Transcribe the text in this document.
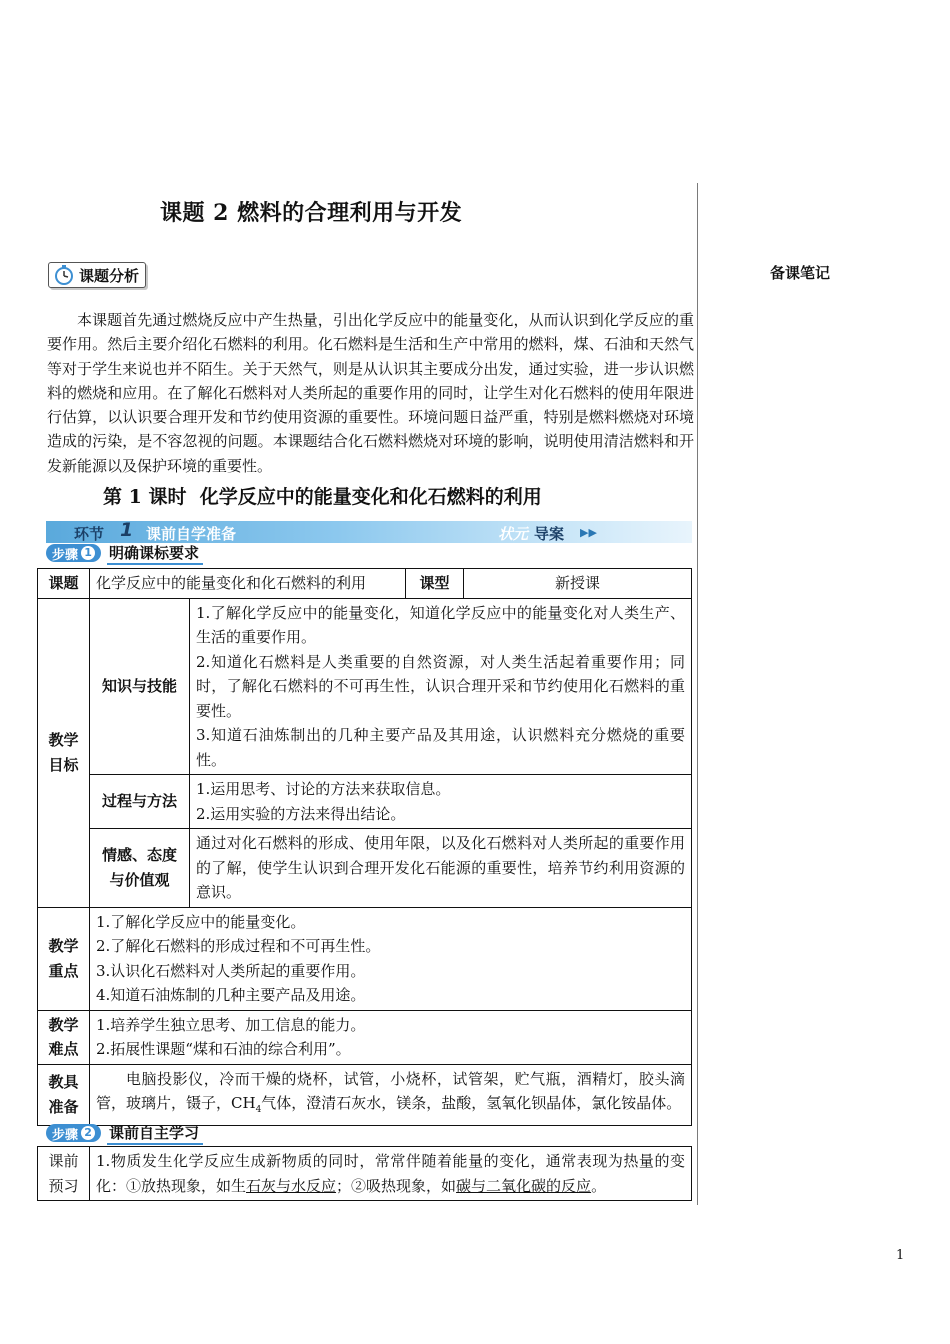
课题 2 燃料的合理利用与开发
备课笔记
课题分析
本课题首先通过燃烧反应中产生热量，引出化学反应中的能量变化，从而认识到化学反应的重要作用。然后主要介绍化石燃料的利用。化石燃料是生活和生产中常用的燃料，煤、石油和天然气等对于学生来说也并不陌生。关于天然气，则是从认识其主要成分出发，通过实验，进一步认识燃料的燃烧和应用。在了解化石燃料对人类所起的重要作用的同时，让学生对化石燃料的使用年限进行估算，以认识要合理开发和节约使用资源的重要性。环境问题日益严重，特别是燃料燃烧对环境造成的污染，是不容忽视的问题。本课题结合化石燃料燃烧对环境的影响，说明使用清洁燃料和开发新能源以及保护环境的重要性。
第 1 课时 化学反应中的能量变化和化石燃料的利用
环节 1 课前自学准备	状元 导案 ▶▶
步骤 1 明确课标要求
课题	化学反应中的能量变化和化石燃料的利用		课型	新授课
教学目标	知识与技能	1.了解化学反应中的能量变化，知道化学反应中的能量变化对人类生产、生活的重要作用。
2.知道化石燃料是人类重要的自然资源，对人类生活起着重要作用；同时，了解化石燃料的不可再生性，认识合理开采和节约使用化石燃料的重要性。
3.知道石油炼制出的几种主要产品及其用途，认识燃料充分燃烧的重要性。		

	过程与方法	1.运用思考、讨论的方法来获取信息。
2.运用实验的方法来得出结论。		

	情感、态度与价值观	通过对化石燃料的形成、使用年限，以及化石燃料对人类所起的重要作用的了解，使学生认识到合理开发化石能源的重要性，培养节约利用资源的意识。		
教学重点	1.了解化学反应中的能量变化。
2.了解化石燃料的形成过程和不可再生性。
3.认识化石燃料对人类所起的重要作用。
4.知道石油炼制的几种主要产品及用途。			

教学难点	1.培养学生独立思考、加工信息的能力。
2.拓展性课题“煤和石油的综合利用”。			

教具准备	电脑投影仪，冷而干燥的烧杯，试管，小烧杯，试管架，贮气瓶，酒精灯，胶头滴管，玻璃片，镊子，$CH_4$气体，澄清石灰水，镁条，盐酸，氢氧化钡晶体，氯化铵晶体。			
步骤 2 课前自主学习
课前预习	1.物质发生化学反应生成新物质的同时，常常伴随着能量的变化，通常表现为热量的变化：①放热现象，如生石灰与水反应；②吸热现象，如碳与二氧化碳的反应。
1
